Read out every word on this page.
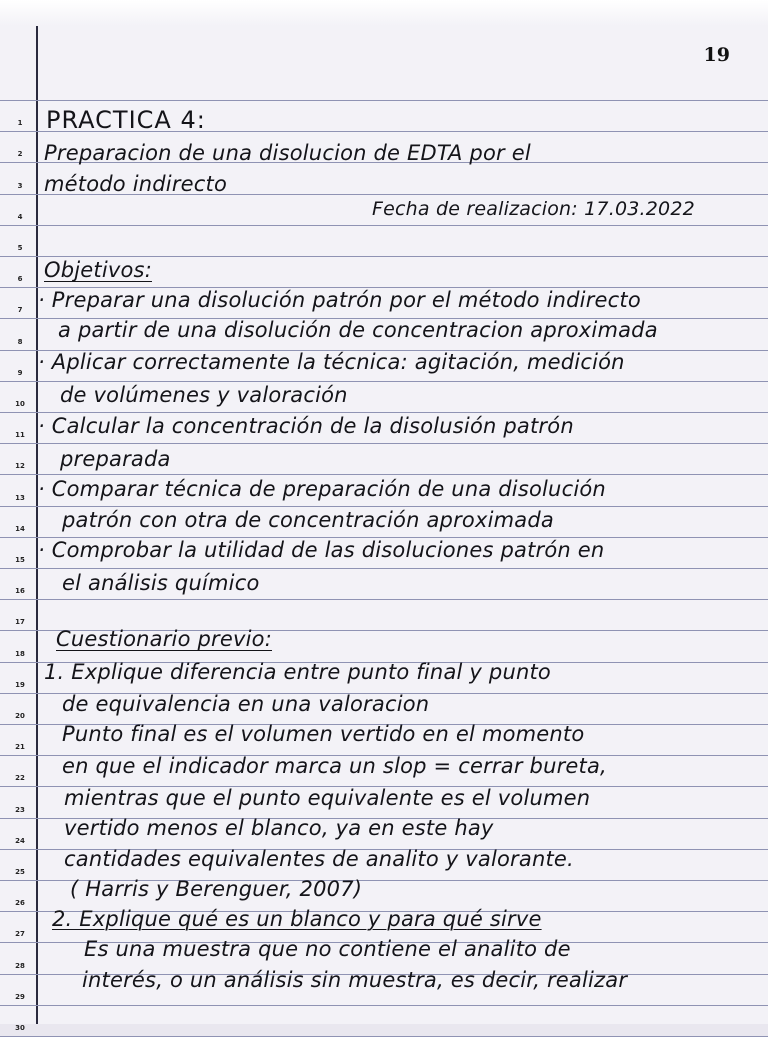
19
1
2
3
4
5
6
7
8
9
10
11
12
13
14
15
16
17
18
19
20
21
22
23
24
25
26
27
28
29
30
PRACTICA 4:
Preparacion de una disolucion de EDTA por el
método indirecto
Fecha de realizacion: 17.03.2022
Objetivos:
· Preparar una disolución patrón por el método indirecto
a partir de una disolución de concentracion aproximada
· Aplicar correctamente la técnica: agitación, medición
de volúmenes y valoración
· Calcular la concentración de la disolusión patrón
preparada
· Comparar técnica de preparación de una disolución
patrón con otra de concentración aproximada
· Comprobar la utilidad de las disoluciones patrón en
el análisis químico
Cuestionario previo:
1. Explique diferencia entre punto final y punto
de equivalencia en una valoracion
Punto final es el volumen vertido en el momento
en que el indicador marca un slop = cerrar bureta,
mientras que el punto equivalente es el volumen
vertido menos el blanco, ya en este hay
cantidades equivalentes de analito y valorante.
( Harris y Berenguer, 2007)
2. Explique qué es un blanco y para qué sirve
Es una muestra que no contiene el analito de
interés, o un análisis sin muestra, es decir, realizar
